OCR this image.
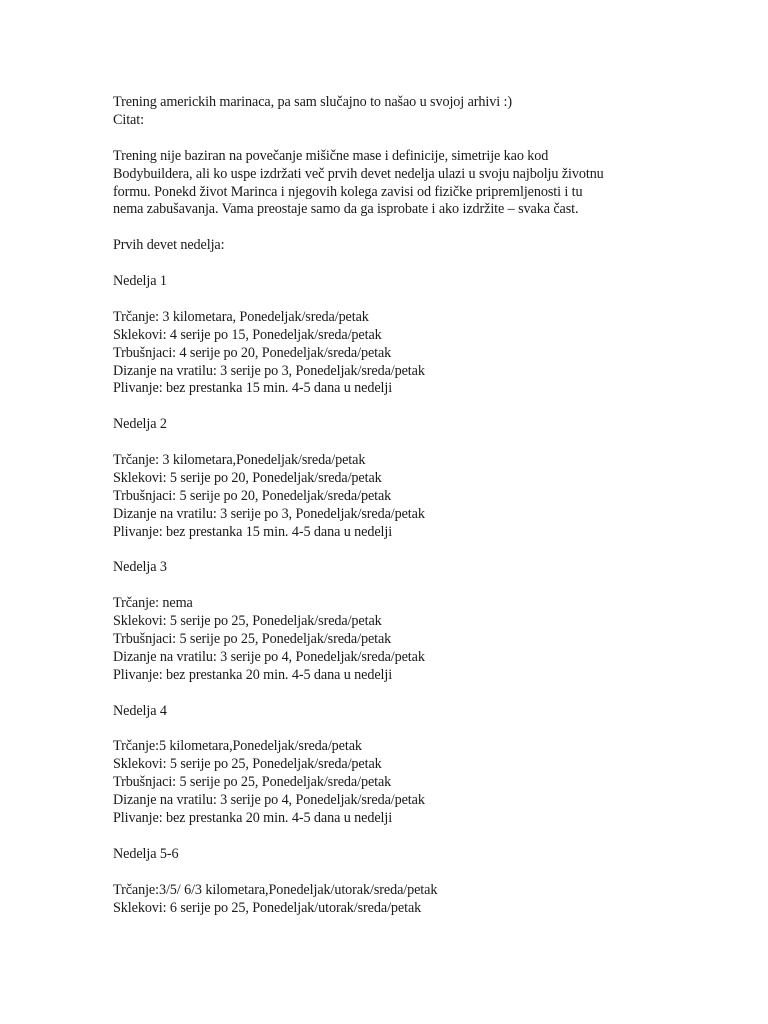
Trening americkih marinaca, pa sam slučajno to našao u svojoj arhivi :)
Citat:
Trening nije baziran na povečanje mišične mase i definicije, simetrije kao kod
Bodybuildera, ali ko uspe izdržati več prvih devet nedelja ulazi u svoju najbolju životnu
formu. Ponekd život Marinca i njegovih kolega zavisi od fizičke pripremljenosti i tu
nema zabušavanja. Vama preostaje samo da ga isprobate i ako izdržite – svaka čast.
Prvih devet nedelja:
Nedelja 1
Trčanje: 3 kilometara, Ponedeljak/sreda/petak
Sklekovi: 4 serije po 15, Ponedeljak/sreda/petak
Trbušnjaci: 4 serije po 20, Ponedeljak/sreda/petak
Dizanje na vratilu: 3 serije po 3, Ponedeljak/sreda/petak
Plivanje: bez prestanka 15 min. 4-5 dana u nedelji
Nedelja 2
Trčanje: 3 kilometara,Ponedeljak/sreda/petak
Sklekovi: 5 serije po 20, Ponedeljak/sreda/petak
Trbušnjaci: 5 serije po 20, Ponedeljak/sreda/petak
Dizanje na vratilu: 3 serije po 3, Ponedeljak/sreda/petak
Plivanje: bez prestanka 15 min. 4-5 dana u nedelji
Nedelja 3
Trčanje: nema
Sklekovi: 5 serije po 25, Ponedeljak/sreda/petak
Trbušnjaci: 5 serije po 25, Ponedeljak/sreda/petak
Dizanje na vratilu: 3 serije po 4, Ponedeljak/sreda/petak
Plivanje: bez prestanka 20 min. 4-5 dana u nedelji
Nedelja 4
Trčanje:5 kilometara,Ponedeljak/sreda/petak
Sklekovi: 5 serije po 25, Ponedeljak/sreda/petak
Trbušnjaci: 5 serije po 25, Ponedeljak/sreda/petak
Dizanje na vratilu: 3 serije po 4, Ponedeljak/sreda/petak
Plivanje: bez prestanka 20 min. 4-5 dana u nedelji
Nedelja 5-6
Trčanje:3/5/ 6/3 kilometara,Ponedeljak/utorak/sreda/petak
Sklekovi: 6 serije po 25, Ponedeljak/utorak/sreda/petak
